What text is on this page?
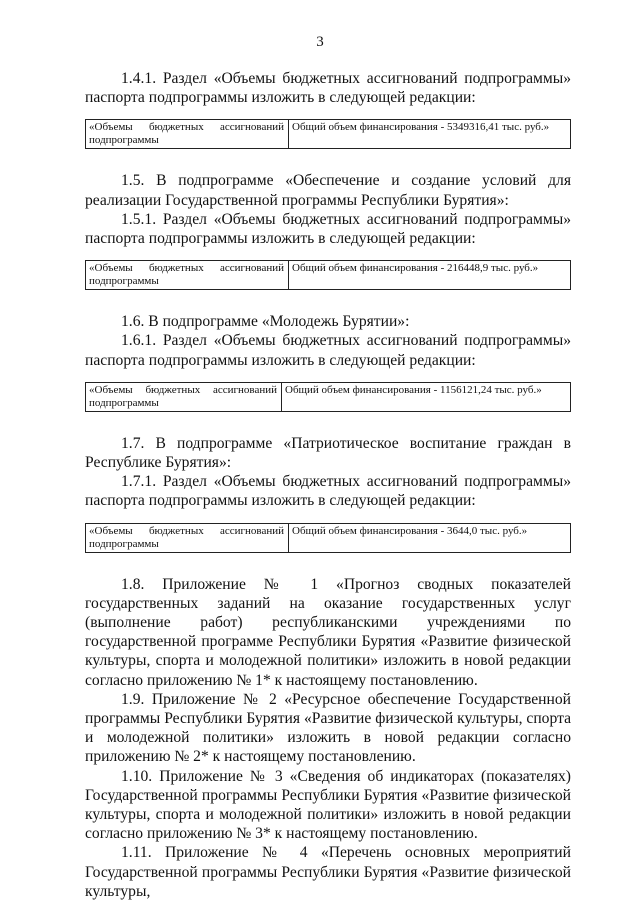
3

1.4.1. Раздел «Объемы бюджетных ассигнований подпрограммы» паспорта подпрограммы изложить в следующей редакции:

«Объемы бюджетных ассигнований подпрограммы	Общий объем финансирования - 5349316,41 тыс. руб.»

1.5. В подпрограмме «Обеспечение и создание условий для реализации Государственной программы Республики Бурятия»:

1.5.1. Раздел «Объемы бюджетных ассигнований подпрограммы» паспорта подпрограммы изложить в следующей редакции:

«Объемы бюджетных ассигнований подпрограммы	Общий объем финансирования - 216448,9 тыс. руб.»

1.6. В подпрограмме «Молодежь Бурятии»:

1.6.1. Раздел «Объемы бюджетных ассигнований подпрограммы» паспорта подпрограммы изложить в следующей редакции:

«Объемы бюджетных ассигнований подпрограммы	Общий объем финансирования - 1156121,24 тыс. руб.»

1.7. В подпрограмме «Патриотическое воспитание граждан в Республике Бурятия»:

1.7.1. Раздел «Объемы бюджетных ассигнований подпрограммы» паспорта подпрограммы изложить в следующей редакции:

«Объемы бюджетных ассигнований подпрограммы	Общий объем финансирования - 3644,0 тыс. руб.»

1.8. Приложение № 1 «Прогноз сводных показателей государственных заданий на оказание государственных услуг (выполнение работ) республиканскими учреждениями по государственной программе Республики Бурятия «Развитие физической культуры, спорта и молодежной политики» изложить в новой редакции согласно приложению № 1* к настоящему постановлению.

1.9. Приложение № 2 «Ресурсное обеспечение Государственной программы Республики Бурятия «Развитие физической культуры, спорта и молодежной политики» изложить в новой редакции согласно приложению № 2* к настоящему постановлению.

1.10. Приложение № 3 «Сведения об индикаторах (показателях) Государственной программы Республики Бурятия «Развитие физической культуры, спорта и молодежной политики» изложить в новой редакции согласно приложению № 3* к настоящему постановлению.

1.11. Приложение № 4 «Перечень основных мероприятий Государственной программы Республики Бурятия «Развитие физической культуры,
